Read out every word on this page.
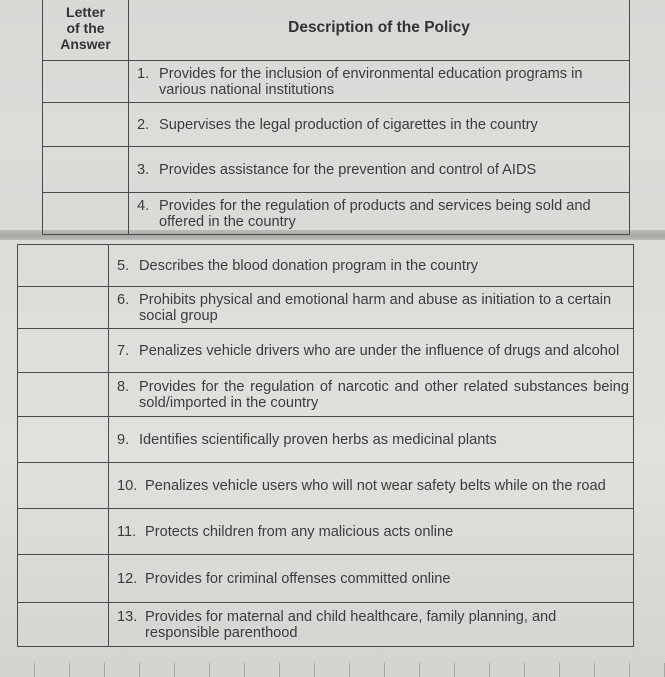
Letter
of the
Answer	Description of the Policy

	1. Provides for the inclusion of environmental education programs in various national institutions

	2. Supervises the legal production of cigarettes in the country

	3. Provides assistance for the prevention and control of AIDS

	4. Provides for the regulation of products and services being sold and offered in the country

	5. Describes the blood donation program in the country

	6. Prohibits physical and emotional harm and abuse as initiation to a certain social group

	7. Penalizes vehicle drivers who are under the influence of drugs and alcohol

	8. Provides for the regulation of narcotic and other related substances being sold/imported in the country

	9. Identifies scientifically proven herbs as medicinal plants

	10. Penalizes vehicle users who will not wear safety belts while on the road

	11. Protects children from any malicious acts online

	12. Provides for criminal offenses committed online

	13. Provides for maternal and child healthcare, family planning, and responsible parenthood
